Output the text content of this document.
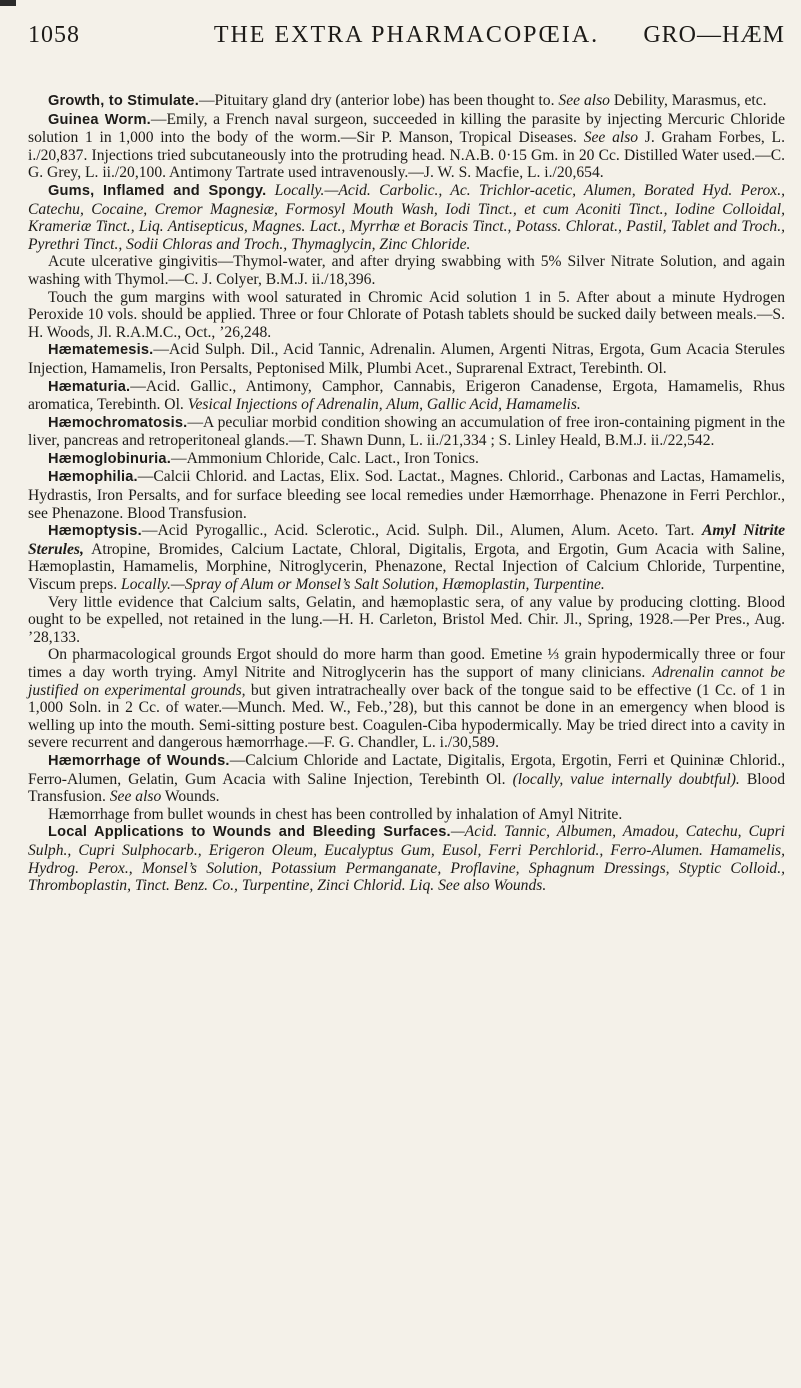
1058	THE EXTRA PHARMACOPŒIA.	GRO—HÆM

Growth, to Stimulate.—Pituitary gland dry (anterior lobe) has been thought to. See also Debility, Marasmus, etc.

Guinea Worm.—Emily, a French naval surgeon, succeeded in killing the parasite by injecting Mercuric Chloride solution 1 in 1,000 into the body of the worm.—Sir P. Manson, Tropical Diseases. See also J. Graham Forbes, L. i./20,837. Injections tried subcutaneously into the protruding head. N.A.B. 0·15 Gm. in 20 Cc. Distilled Water used.—C. G. Grey, L. ii./20,100. Antimony Tartrate used intravenously.—J. W. S. Macfie, L. i./20,654.

Gums, Inflamed and Spongy. Locally.—Acid. Carbolic., Ac. Trichlor-acetic, Alumen, Borated Hyd. Perox., Catechu, Cocaine, Cremor Magnesiæ, Formosyl Mouth Wash, Iodi Tinct., et cum Aconiti Tinct., Iodine Colloidal, Krameriæ Tinct., Liq. Antisepticus, Magnes. Lact., Myrrhæ et Boracis Tinct., Potass. Chlorat., Pastil, Tablet and Troch., Pyrethri Tinct., Sodii Chloras and Troch., Thymaglycin, Zinc Chloride.

Acute ulcerative gingivitis—Thymol-water, and after drying swabbing with 5% Silver Nitrate Solution, and again washing with Thymol.—C. J. Colyer, B.M.J. ii./18,396.

Touch the gum margins with wool saturated in Chromic Acid solution 1 in 5. After about a minute Hydrogen Peroxide 10 vols. should be applied. Three or four Chlorate of Potash tablets should be sucked daily between meals.—S. H. Woods, Jl. R.A.M.C., Oct., ’26,248.

Hæmatemesis.—Acid Sulph. Dil., Acid Tannic, Adrenalin. Alumen, Argenti Nitras, Ergota, Gum Acacia Sterules Injection, Hamamelis, Iron Persalts, Peptonised Milk, Plumbi Acet., Suprarenal Extract, Terebinth. Ol.

Hæmaturia.—Acid. Gallic., Antimony, Camphor, Cannabis, Erigeron Canadense, Ergota, Hamamelis, Rhus aromatica, Terebinth. Ol. Vesical Injections of Adrenalin, Alum, Gallic Acid, Hamamelis.

Hæmochromatosis.—A peculiar morbid condition showing an accumulation of free iron-containing pigment in the liver, pancreas and retroperitoneal glands.—T. Shawn Dunn, L. ii./21,334 ; S. Linley Heald, B.M.J. ii./22,542.

Hæmoglobinuria.—Ammonium Chloride, Calc. Lact., Iron Tonics.

Hæmophilia.—Calcii Chlorid. and Lactas, Elix. Sod. Lactat., Magnes. Chlorid., Carbonas and Lactas, Hamamelis, Hydrastis, Iron Persalts, and for surface bleeding see local remedies under Hæmorrhage. Phenazone in Ferri Perchlor., see Phenazone. Blood Transfusion.

Hæmoptysis.—Acid Pyrogallic., Acid. Sclerotic., Acid. Sulph. Dil., Alumen, Alum. Aceto. Tart. Amyl Nitrite Sterules, Atropine, Bromides, Calcium Lactate, Chloral, Digitalis, Ergota, and Ergotin, Gum Acacia with Saline, Hæmoplastin, Hamamelis, Morphine, Nitroglycerin, Phenazone, Rectal Injection of Calcium Chloride, Turpentine, Viscum preps. Locally.—Spray of Alum or Monsel’s Salt Solution, Hæmoplastin, Turpentine.

Very little evidence that Calcium salts, Gelatin, and hæmoplastic sera, of any value by producing clotting. Blood ought to be expelled, not retained in the lung.—H. H. Carleton, Bristol Med. Chir. Jl., Spring, 1928.—Per Pres., Aug. ’28,133.

On pharmacological grounds Ergot should do more harm than good. Emetine ⅓ grain hypodermically three or four times a day worth trying. Amyl Nitrite and Nitroglycerin has the support of many clinicians. Adrenalin cannot be justified on experimental grounds, but given intratracheally over back of the tongue said to be effective (1 Cc. of 1 in 1,000 Soln. in 2 Cc. of water.—Munch. Med. W., Feb.,’28), but this cannot be done in an emergency when blood is welling up into the mouth. Semi-sitting posture best. Coagulen-Ciba hypodermically. May be tried direct into a cavity in severe recurrent and dangerous hæmorrhage.—F. G. Chandler, L. i./30,589.

Hæmorrhage of Wounds.—Calcium Chloride and Lactate, Digitalis, Ergota, Ergotin, Ferri et Quininæ Chlorid., Ferro-Alumen, Gelatin, Gum Acacia with Saline Injection, Terebinth Ol. (locally, value internally doubtful). Blood Transfusion. See also Wounds.

Hæmorrhage from bullet wounds in chest has been controlled by inhalation of Amyl Nitrite.

Local Applications to Wounds and Bleeding Surfaces.—Acid. Tannic, Albumen, Amadou, Catechu, Cupri Sulph., Cupri Sulphocarb., Erigeron Oleum, Eucalyptus Gum, Eusol, Ferri Perchlorid., Ferro-Alumen. Hamamelis, Hydrog. Perox., Monsel’s Solution, Potassium Permanganate, Proflavine, Sphagnum Dressings, Styptic Colloid., Thromboplastin, Tinct. Benz. Co., Turpentine, Zinci Chlorid. Liq. See also Wounds.
